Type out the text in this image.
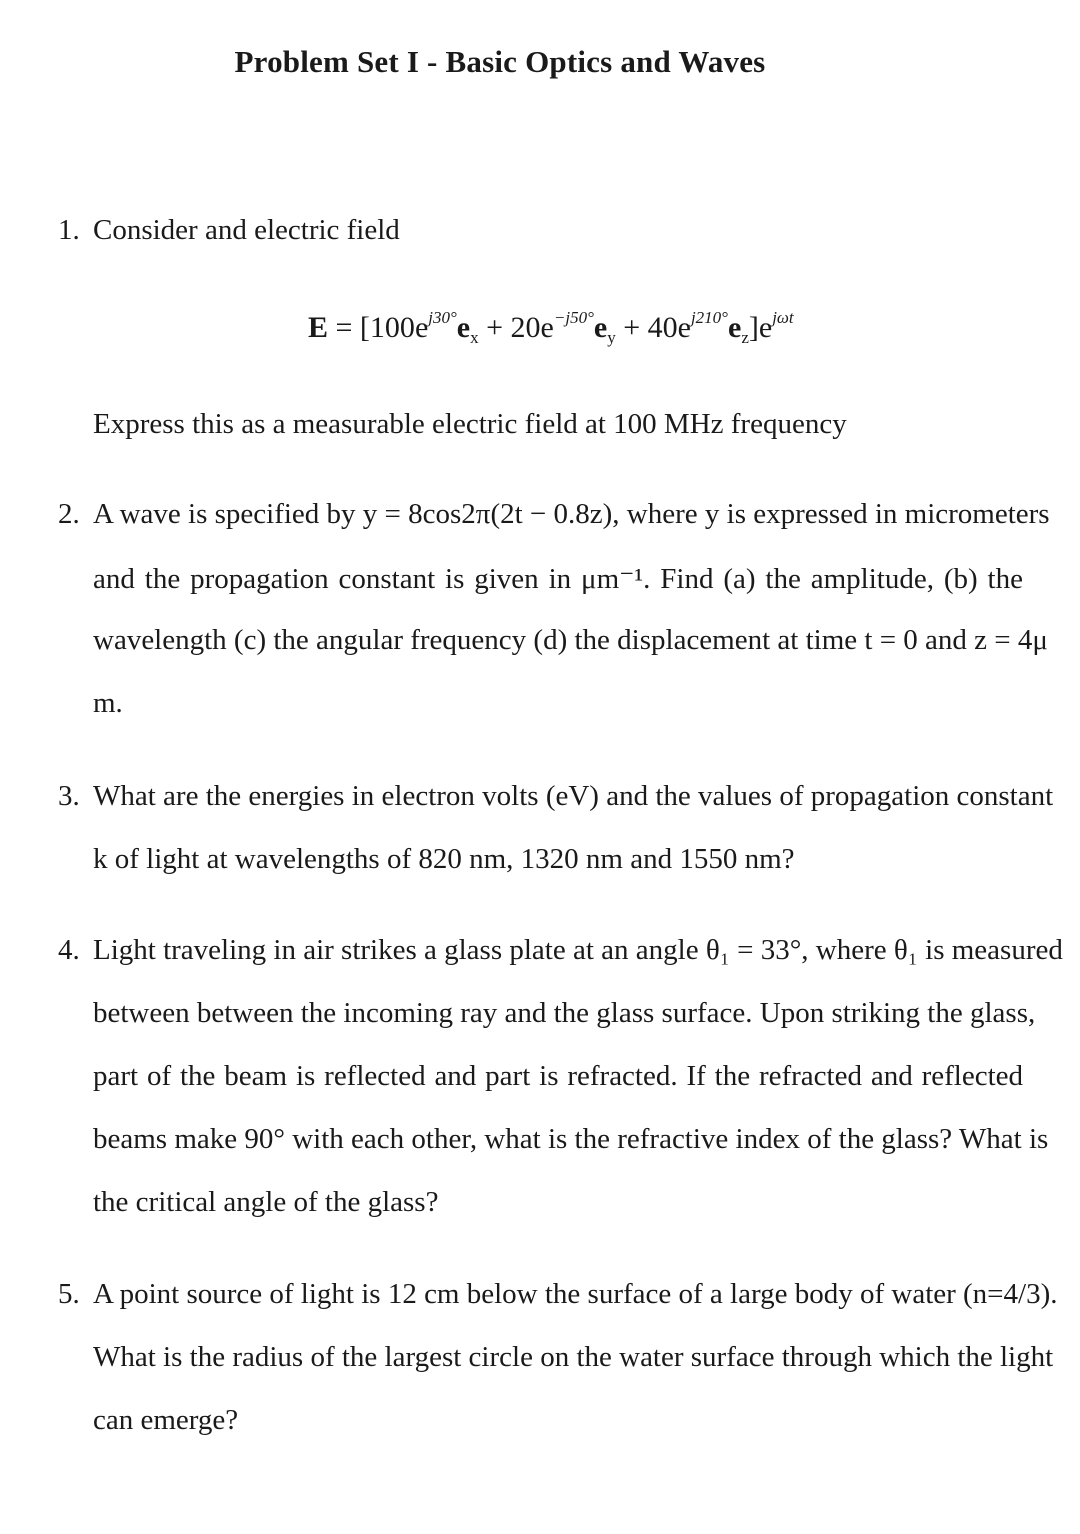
Problem Set I - Basic Optics and Waves
1. Consider and electric field
$E = [100e^{j30^\circ}e_x + 20e^{-j50^\circ}e_y + 40e^{j210^\circ}e_z]e^{j\omega t}$
Express this as a measurable electric field at 100 MHz frequency
2. A wave is specified by y = 8cos2π(2t − 0.8z), where y is expressed in micrometers
and the propagation constant is given in μm⁻¹. Find (a) the amplitude, (b) the
wavelength (c) the angular frequency (d) the displacement at time t = 0 and z = 4μ
m.
3. What are the energies in electron volts (eV) and the values of propagation constant
k of light at wavelengths of 820 nm, 1320 nm and 1550 nm?
4. Light traveling in air strikes a glass plate at an angle θ₁ = 33°, where θ₁ is measured
between between the incoming ray and the glass surface. Upon striking the glass,
part of the beam is reflected and part is refracted. If the refracted and reflected
beams make 90° with each other, what is the refractive index of the glass? What is
the critical angle of the glass?
5. A point source of light is 12 cm below the surface of a large body of water (n=4/3).
What is the radius of the largest circle on the water surface through which the light
can emerge?
